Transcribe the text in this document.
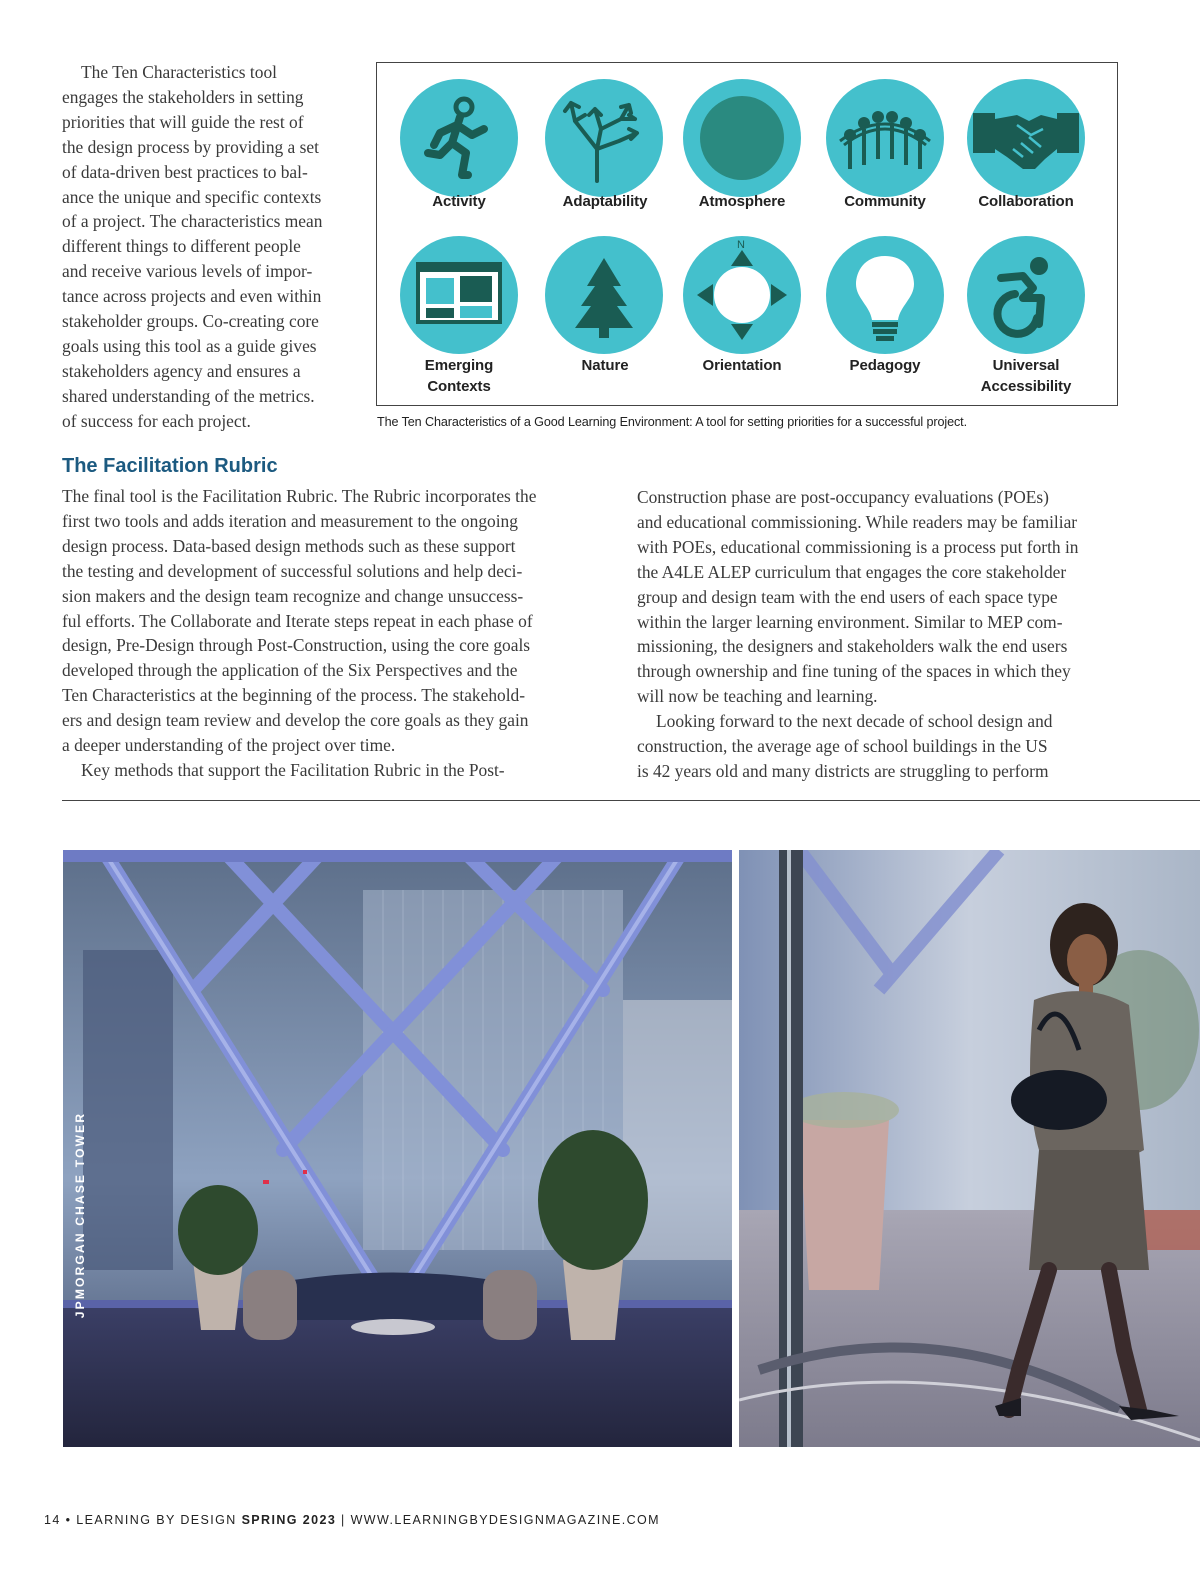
The Ten Characteristics tool
engages the stakeholders in setting
priorities that will guide the rest of
the design process by providing a set
of data-driven best practices to bal-
ance the unique and specific contexts
of a project. The characteristics mean
different things to different people
and receive various levels of impor-
tance across projects and even within
stakeholder groups. Co-creating core
goals using this tool as a guide gives
stakeholders agency and ensures a
shared understanding of the metrics.
of success for each project.
Activity	Adaptability	Atmosphere	Community	Collaboration
Emerging
Contexts
Nature
N
Orientation	Pedagogy	Universal
Accessibility

The Ten Characteristics of a Good Learning Environment: A tool for setting priorities for a successful project.

The Facilitation Rubric
The final tool is the Facilitation Rubric. The Rubric incorporates the
first two tools and adds iteration and measurement to the ongoing
design process. Data-based design methods such as these support
the testing and development of successful solutions and help deci-
sion makers and the design team recognize and change unsuccess-
ful efforts. The Collaborate and Iterate steps repeat in each phase of
design, Pre-Design through Post-Construction, using the core goals
developed through the application of the Six Perspectives and the
Ten Characteristics at the beginning of the process. The stakehold-
ers and design team review and develop the core goals as they gain
a deeper understanding of the project over time.
Key methods that support the Facilitation Rubric in the Post-
Construction phase are post-occupancy evaluations (POEs)
and educational commissioning. While readers may be familiar
with POEs, educational commissioning is a process put forth in
the A4LE ALEP curriculum that engages the core stakeholder
group and design team with the end users of each space type
within the larger learning environment. Similar to MEP com-
missioning, the designers and stakeholders walk the end users
through ownership and fine tuning of the spaces in which they
will now be teaching and learning.
Looking forward to the next decade of school design and
construction, the average age of school buildings in the US
is 42 years old and many districts are struggling to perform
JPMORGAN CHASE TOWER
14 • LEARNING BY DESIGN SPRING 2023 | WWW.LEARNINGBYDESIGNMAGAZINE.COM
